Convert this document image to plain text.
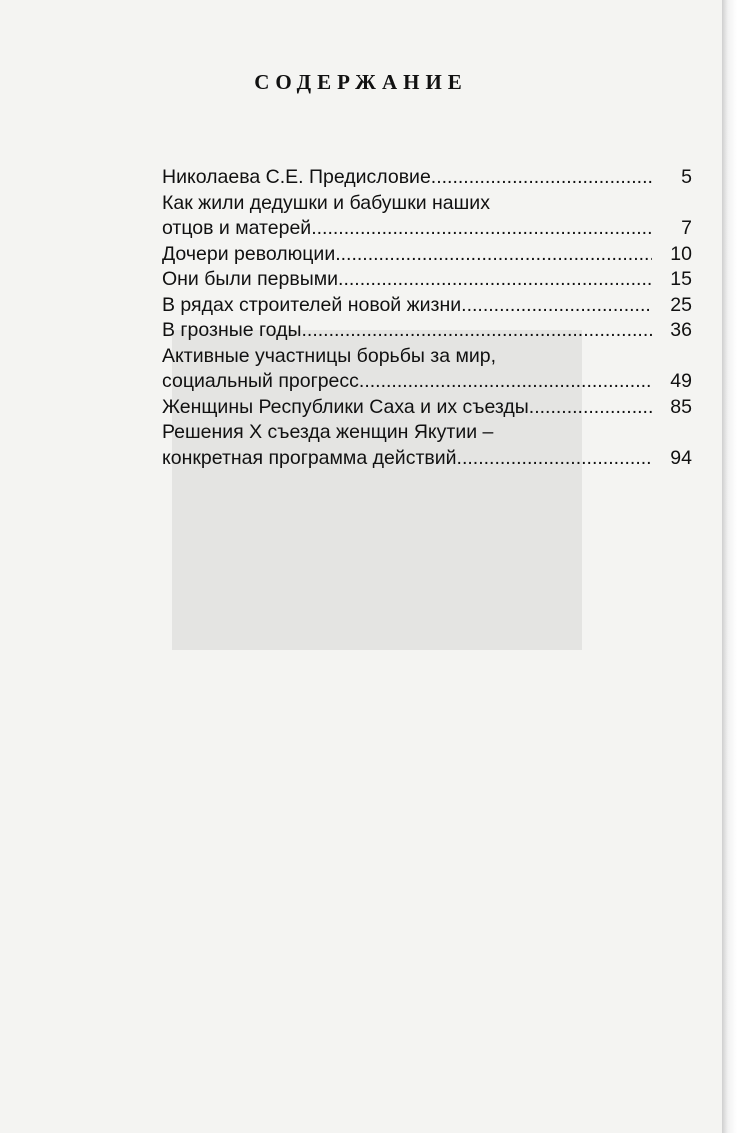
СОДЕРЖАНИЕ
Николаева С.Е. Предисловие .....	5
Как жили дедушки и бабушки наших
отцов и матерей .....	7
Дочери революции .....	10
Они были первыми .....	15
В рядах строителей новой жизни .....	25
В грозные годы .....	36
Активные участницы борьбы за мир,
социальный прогресс .....	49
Женщины Республики Саха и их съезды .....	85
Решения X съезда женщин Якутии –
конкретная программа действий .....	94
